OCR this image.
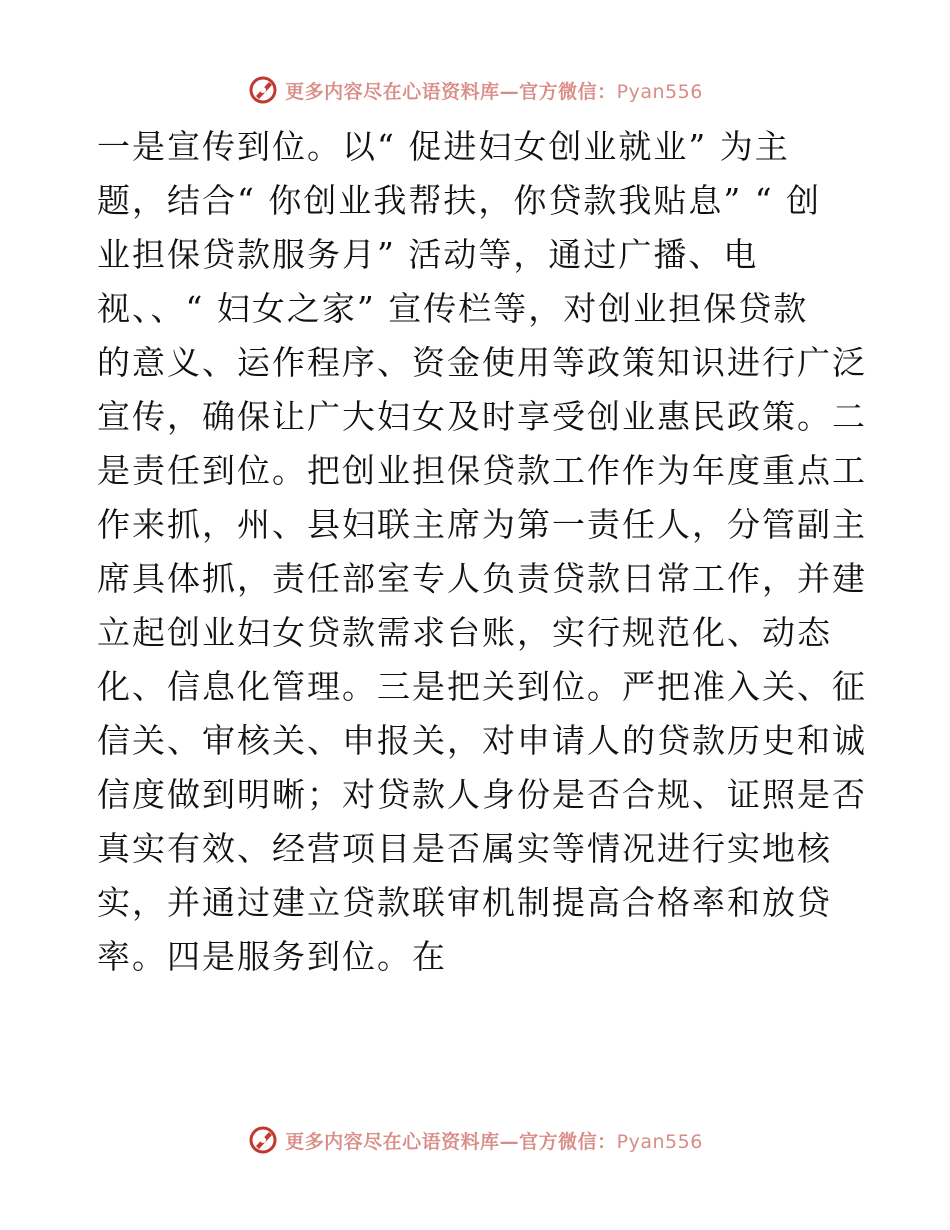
更多内容尽在心语资料库—官方微信：Pyan556
一是宣传到位。以“ 促进妇女创业就业” 为主
题，结合“ 你创业我帮扶，你贷款我贴息” “ 创
业担保贷款服务月” 活动等，通过广播、电
视、、“ 妇女之家” 宣传栏等，对创业担保贷款
的意义、运作程序、资金使用等政策知识进行广泛
宣传，确保让广大妇女及时享受创业惠民政策。二
是责任到位。把创业担保贷款工作作为年度重点工
作来抓，州、县妇联主席为第一责任人，分管副主
席具体抓，责任部室专人负责贷款日常工作，并建
立起创业妇女贷款需求台账，实行规范化、动态
化、信息化管理。三是把关到位。严把准入关、征
信关、审核关、申报关，对申请人的贷款历史和诚
信度做到明晰；对贷款人身份是否合规、证照是否
真实有效、经营项目是否属实等情况进行实地核
实，并通过建立贷款联审机制提高合格率和放贷
率。四是服务到位。在
更多内容尽在心语资料库—官方微信：Pyan556
